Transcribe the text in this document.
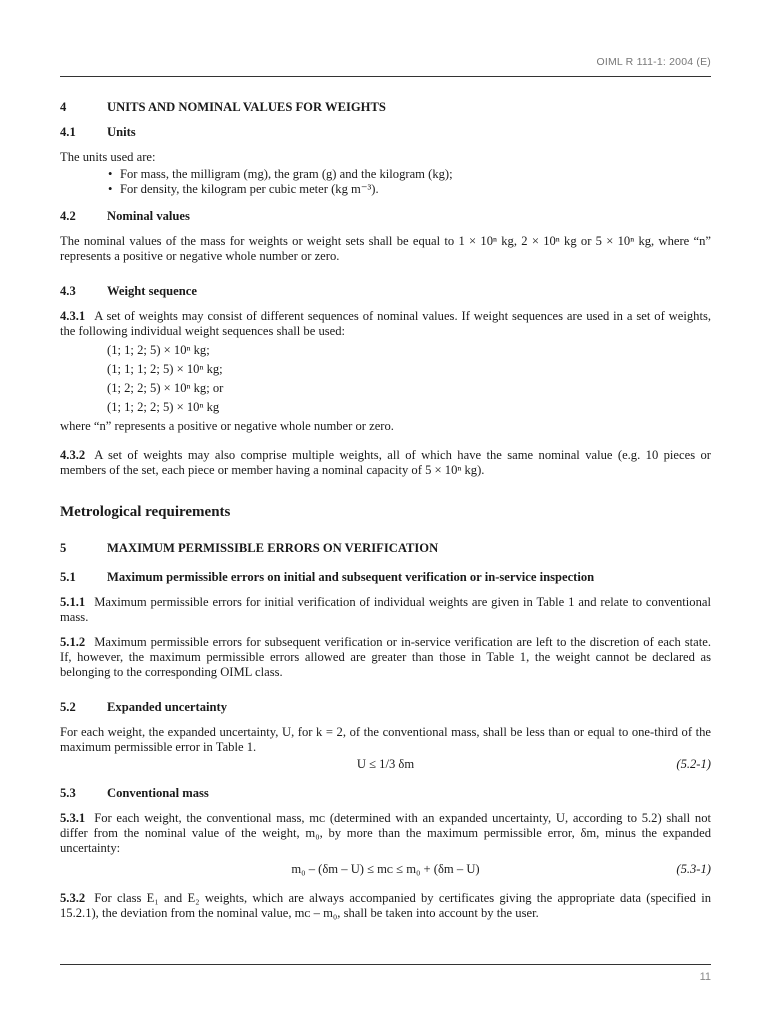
OIML R 111-1: 2004 (E)
4	UNITS AND NOMINAL VALUES FOR WEIGHTS
4.1 Units

The units used are:

• For mass, the milligram (mg), the gram (g) and the kilogram (kg);
• For density, the kilogram per cubic meter (kg m⁻³).
4.2 Nominal values

The nominal values of the mass for weights or weight sets shall be equal to 1 × 10ⁿ kg, 2 × 10ⁿ kg or 5 × 10ⁿ kg, where “n” represents a positive or negative whole number or zero.

4.3 Weight sequence

4.3.1 A set of weights may consist of different sequences of nominal values. If weight sequences are used in a set of weights, the following individual weight sequences shall be used:

(1; 1; 2; 5) × 10ⁿ kg;
(1; 1; 1; 2; 5) × 10ⁿ kg;
(1; 2; 2; 5) × 10ⁿ kg; or
(1; 1; 2; 2; 5) × 10ⁿ kg

where “n” represents a positive or negative whole number or zero.

4.3.2 A set of weights may also comprise multiple weights, all of which have the same nominal value (e.g. 10 pieces or members of the set, each piece or member having a nominal capacity of 5 × 10ⁿ kg).

Metrological requirements
5	MAXIMUM PERMISSIBLE ERRORS ON VERIFICATION
5.1 Maximum permissible errors on initial and subsequent verification or in-service inspection

5.1.1 Maximum permissible errors for initial verification of individual weights are given in Table 1 and relate to conventional mass.

5.1.2 Maximum permissible errors for subsequent verification or in-service verification are left to the discretion of each state. If, however, the maximum permissible errors allowed are greater than those in Table 1, the weight cannot be declared as belonging to the corresponding OIML class.

5.2 Expanded uncertainty

For each weight, the expanded uncertainty, U, for k = 2, of the conventional mass, shall be less than or equal to one-third of the maximum permissible error in Table 1.

U ≤ 1/3 δm	(5.2-1)
5.3 Conventional mass

5.3.1 For each weight, the conventional mass, mᴄ (determined with an expanded uncertainty, U, according to 5.2) shall not differ from the nominal value of the weight, m₀, by more than the maximum permissible error, δm, minus the expanded uncertainty:

m₀ – (δm – U) ≤ mᴄ ≤ m₀ + (δm – U)	(5.3-1)

5.3.2 For class E₁ and E₂ weights, which are always accompanied by certificates giving the appropriate data (specified in 15.2.1), the deviation from the nominal value, mᴄ – m₀, shall be taken into account by the user.

11
